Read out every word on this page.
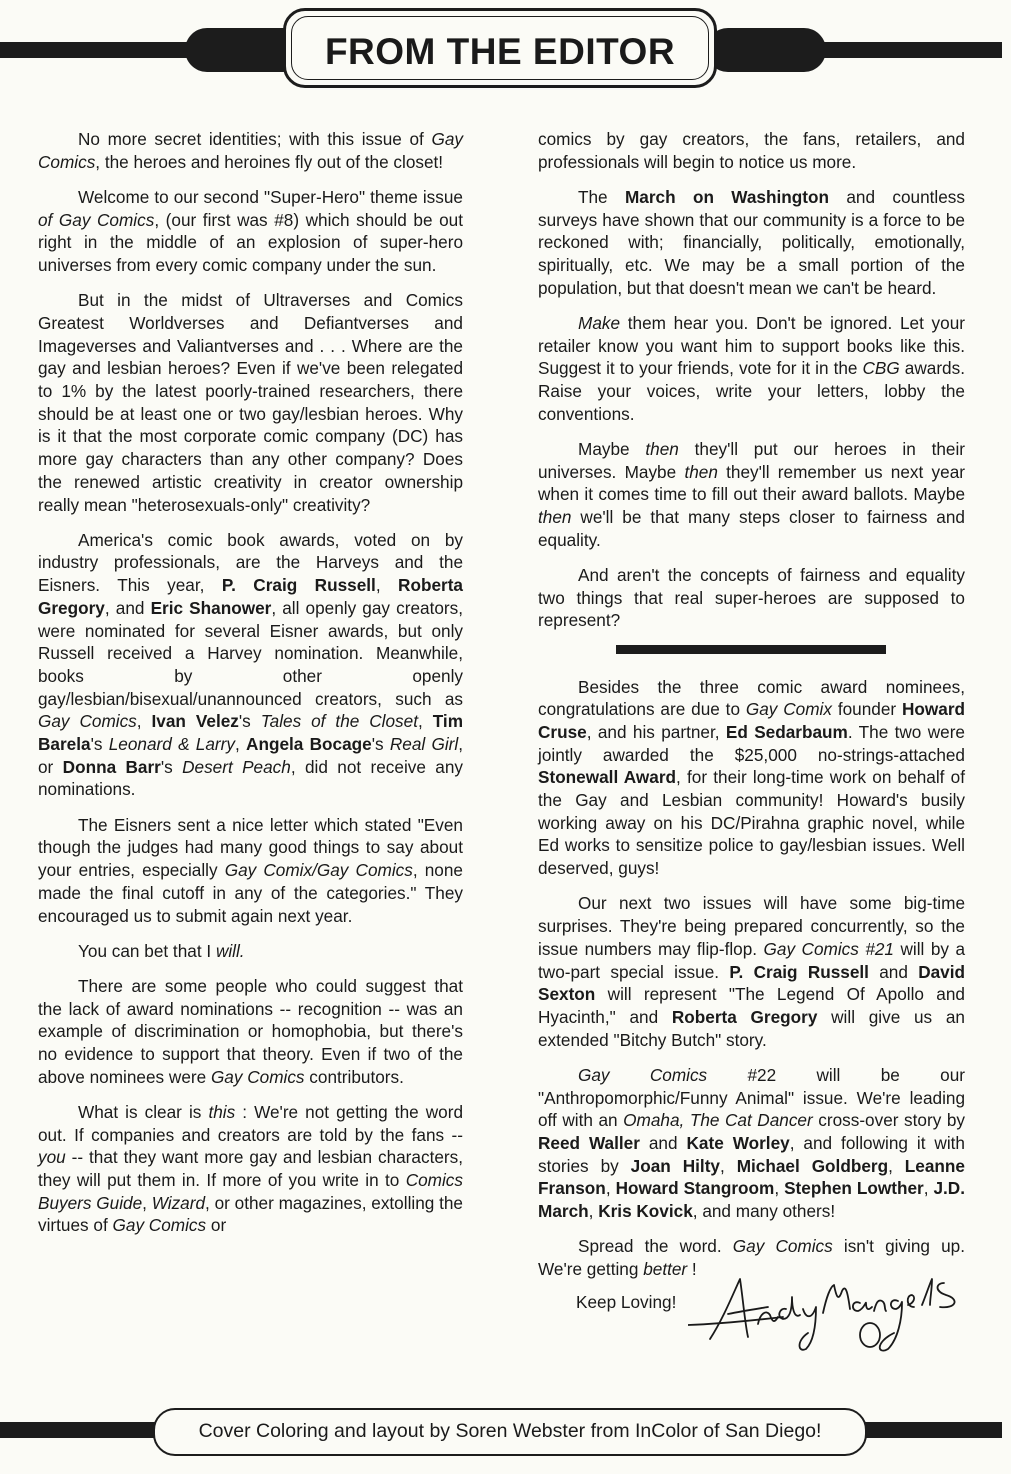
FROM THE EDITOR

No more secret identities; with this issue of Gay Comics, the heroes and heroines fly out of the closet!

Welcome to our second "Super-Hero" theme issue of Gay Comics, (our first was #8) which should be out right in the middle of an explosion of super-hero universes from every comic company under the sun.

But in the midst of Ultraverses and Comics Greatest Worldverses and Defiantverses and Imageverses and Valiantverses and . . . Where are the gay and lesbian heroes? Even if we've been relegated to 1% by the latest poorly-trained researchers, there should be at least one or two gay/lesbian heroes. Why is it that the most corporate comic company (DC) has more gay characters than any other company? Does the renewed artistic creativity in creator ownership really mean "heterosexuals-only" creativity?

America's comic book awards, voted on by industry professionals, are the Harveys and the Eisners. This year, P. Craig Russell, Roberta Gregory, and Eric Shanower, all openly gay creators, were nominated for several Eisner awards, but only Russell received a Harvey nomination. Meanwhile, books by other openly gay/lesbian/bisexual/unannounced creators, such as Gay Comics, Ivan Velez's Tales of the Closet, Tim Barela's Leonard & Larry, Angela Bocage's Real Girl, or Donna Barr's Desert Peach, did not receive any nominations.

The Eisners sent a nice letter which stated "Even though the judges had many good things to say about your entries, especially Gay Comix/Gay Comics, none made the final cutoff in any of the categories." They encouraged us to submit again next year.

You can bet that I will.

There are some people who could suggest that the lack of award nominations -- recognition -- was an example of discrimination or homophobia, but there's no evidence to support that theory. Even if two of the above nominees were Gay Comics contributors.

What is clear is this : We're not getting the word out. If companies and creators are told by the fans -- you -- that they want more gay and lesbian characters, they will put them in. If more of you write in to Comics Buyers Guide, Wizard, or other magazines, extolling the virtues of Gay Comics or

comics by gay creators, the fans, retailers, and professionals will begin to notice us more.

The March on Washington and countless surveys have shown that our community is a force to be reckoned with; financially, politically, emotionally, spiritually, etc. We may be a small portion of the population, but that doesn't mean we can't be heard.

Make them hear you. Don't be ignored. Let your retailer know you want him to support books like this. Suggest it to your friends, vote for it in the CBG awards. Raise your voices, write your letters, lobby the conventions.

Maybe then they'll put our heroes in their universes. Maybe then they'll remember us next year when it comes time to fill out their award ballots. Maybe then we'll be that many steps closer to fairness and equality.

And aren't the concepts of fairness and equality two things that real super-heroes are supposed to represent?

Besides the three comic award nominees, congratulations are due to Gay Comix founder Howard Cruse, and his partner, Ed Sedarbaum. The two were jointly awarded the $25,000 no-strings-attached Stonewall Award, for their long-time work on behalf of the Gay and Lesbian community! Howard's busily working away on his DC/Pirahna graphic novel, while Ed works to sensitize police to gay/lesbian issues. Well deserved, guys!

Our next two issues will have some big-time surprises. They're being prepared concurrently, so the issue numbers may flip-flop. Gay Comics #21 will by a two-part special issue. P. Craig Russell and David Sexton will represent "The Legend Of Apollo and Hyacinth," and Roberta Gregory will give us an extended "Bitchy Butch" story.

Gay Comics #22 will be our "Anthropomorphic/Funny Animal" issue. We're leading off with an Omaha, The Cat Dancer cross-over story by Reed Waller and Kate Worley, and following it with stories by Joan Hilty, Michael Goldberg, Leanne Franson, Howard Stangroom, Stephen Lowther, J.D. March, Kris Kovick, and many others!

Spread the word. Gay Comics isn't giving up. We're getting better !

Keep Loving!
Cover Coloring and layout by Soren Webster from InColor of San Diego!
